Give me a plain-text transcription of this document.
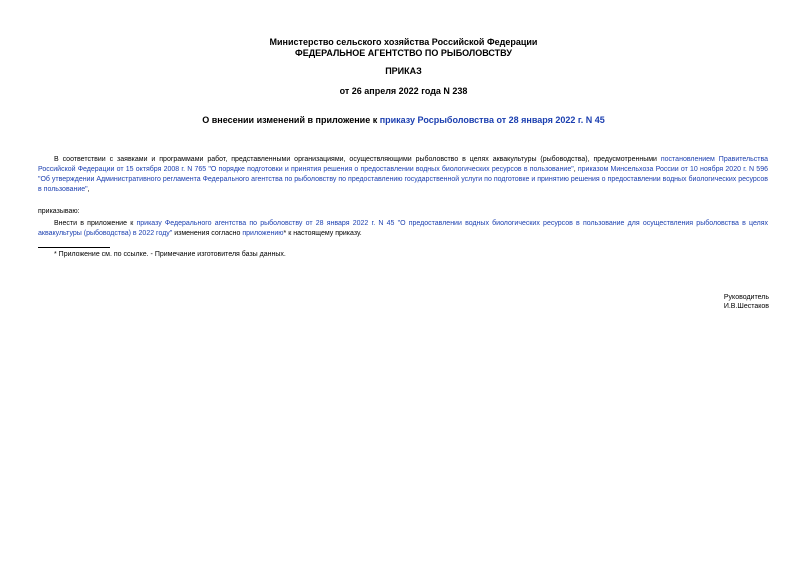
Министерство сельского хозяйства Российской Федерации
ФЕДЕРАЛЬНОЕ АГЕНТСТВО ПО РЫБОЛОВСТВУ
ПРИКАЗ
от 26 апреля 2022 года N 238
О внесении изменений в приложение к приказу Росрыболовства от 28 января 2022 г. N 45
В соответствии с заявками и программами работ, представленными организациями, осуществляющими рыболовство в целях аквакультуры (рыбоводства), предусмотренными постановлением Правительства Российской Федерации от 15 октября 2008 г. N 765 "О порядке подготовки и принятия решения о предоставлении водных биологических ресурсов в пользование", приказом Минсельхоза России от 10 ноября 2020 г. N 596 "Об утверждении Административного регламента Федерального агентства по рыболовству по предоставлению государственной услуги по подготовке и принятию решения о предоставлении водных биологических ресурсов в пользование",
приказываю:
Внести в приложение к приказу Федерального агентства по рыболовству от 28 января 2022 г. N 45 "О предоставлении водных биологических ресурсов в пользование для осуществления рыболовства в целях аквакультуры (рыбоводства) в 2022 году" изменения согласно приложению* к настоящему приказу.
* Приложение см. по ссылке. - Примечание изготовителя базы данных.
Руководитель
И.В.Шестаков
